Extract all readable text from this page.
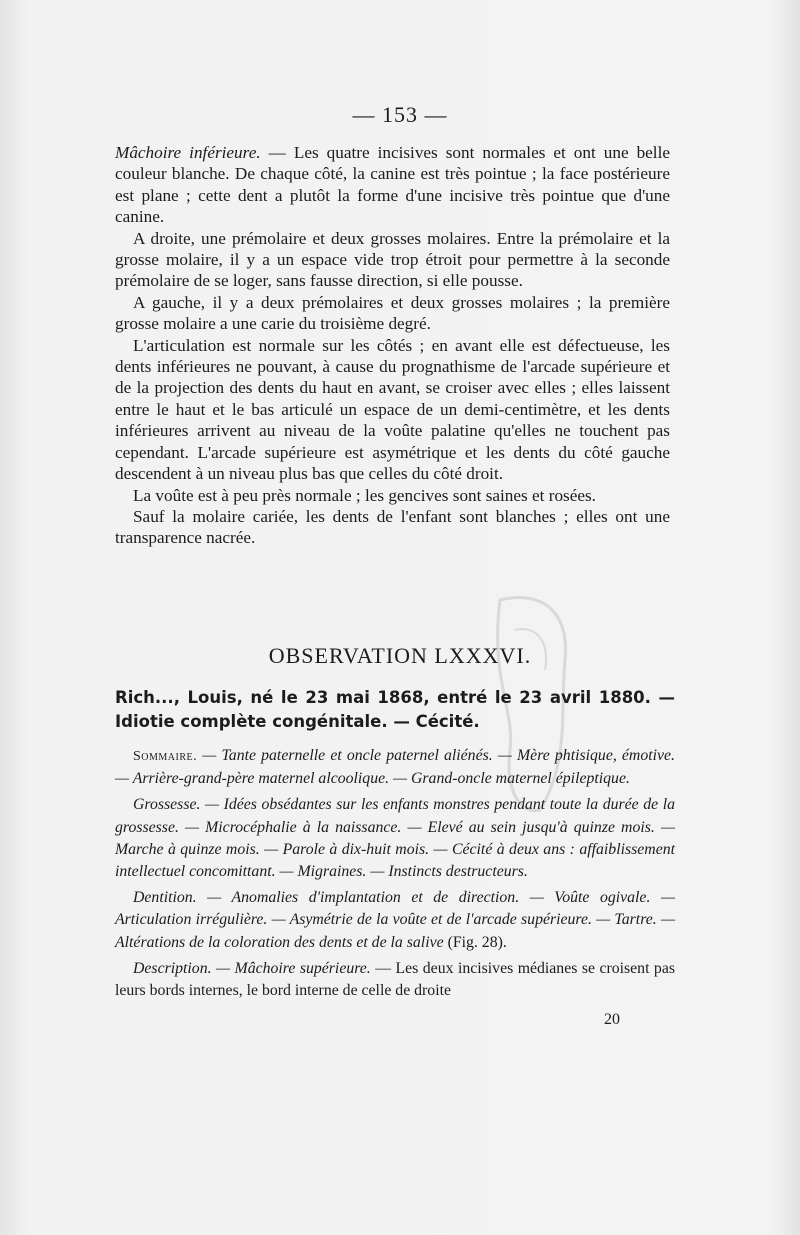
— 153 —

Mâchoire inférieure. — Les quatre incisives sont normales et ont une belle couleur blanche. De chaque côté, la canine est très pointue ; la face postérieure est plane ; cette dent a plutôt la forme d'une incisive très pointue que d'une canine.

A droite, une prémolaire et deux grosses molaires. Entre la prémolaire et la grosse molaire, il y a un espace vide trop étroit pour permettre à la seconde prémolaire de se loger, sans fausse direction, si elle pousse.

A gauche, il y a deux prémolaires et deux grosses molaires ; la première grosse molaire a une carie du troisième degré.

L'articulation est normale sur les côtés ; en avant elle est défectueuse, les dents inférieures ne pouvant, à cause du prognathisme de l'arcade supérieure et de la projection des dents du haut en avant, se croiser avec elles ; elles laissent entre le haut et le bas articulé un espace de un demi-centimètre, et les dents inférieures arrivent au niveau de la voûte palatine qu'elles ne touchent pas cependant. L'arcade supérieure est asymétrique et les dents du côté gauche descendent à un niveau plus bas que celles du côté droit.

La voûte est à peu près normale ; les gencives sont saines et rosées.

Sauf la molaire cariée, les dents de l'enfant sont blanches ; elles ont une transparence nacrée.

OBSERVATION LXXXVI.
Rich..., Louis, né le 23 mai 1868, entré le 23 avril 1880. — Idiotie complète congénitale. — Cécité.

Sommaire. — Tante paternelle et oncle paternel aliénés. — Mère phtisique, émotive. — Arrière-grand-père maternel alcoolique. — Grand-oncle maternel épileptique.

Grossesse. — Idées obsédantes sur les enfants monstres pendant toute la durée de la grossesse. — Microcéphalie à la naissance. — Elevé au sein jusqu'à quinze mois. — Marche à quinze mois. — Parole à dix-huit mois. — Cécité à deux ans : affaiblissement intellectuel concomittant. — Migraines. — Instincts destructeurs.

Dentition. — Anomalies d'implantation et de direction. — Voûte ogivale. — Articulation irrégulière. — Asymétrie de la voûte et de l'arcade supérieure. — Tartre. — Altérations de la coloration des dents et de la salive (Fig. 28).

Description. — Mâchoire supérieure. — Les deux incisives médianes se croisent pas leurs bords internes, le bord interne de celle de droite

20
